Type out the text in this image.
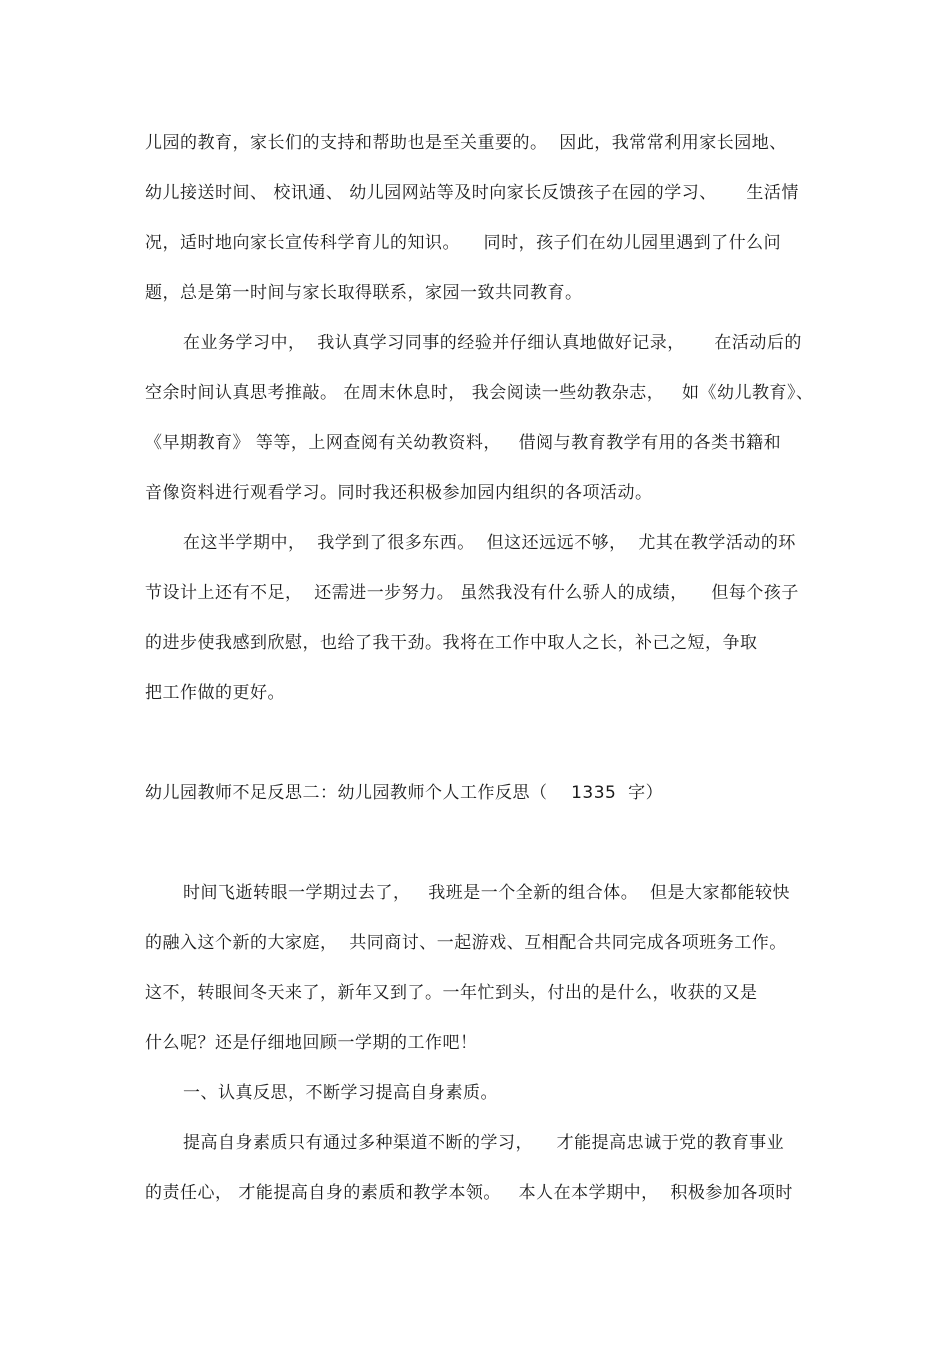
儿园的教育，家长们的支持和帮助也是至关重要的。  因此，我常常利用家长园地、
幼儿接送时间、 校讯通、 幼儿园网站等及时向家长反馈孩子在园的学习、     生活情
况，适时地向家长宣传科学育儿的知识。    同时，孩子们在幼儿园里遇到了什么问
题，总是第一时间与家长取得联系，家园一致共同教育。
在业务学习中，  我认真学习同事的经验并仔细认真地做好记录，     在活动后的
空余时间认真思考推敲。 在周末休息时， 我会阅读一些幼教杂志，   如《幼儿教育》、
《早期教育》 等等，上网查阅有关幼教资料，   借阅与教育教学有用的各类书籍和
音像资料进行观看学习。同时我还积极参加园内组织的各项活动。
在这半学期中，  我学到了很多东西。  但这还远远不够，  尤其在教学活动的环
节设计上还有不足，  还需进一步努力。 虽然我没有什么骄人的成绩，    但每个孩子
的进步使我感到欣慰，也给了我干劲。我将在工作中取人之长，补己之短，争取
把工作做的更好。
幼儿园教师不足反思二：幼儿园教师个人工作反思（    1335  字）
时间飞逝转眼一学期过去了，   我班是一个全新的组合体。  但是大家都能较快
的融入这个新的大家庭，  共同商讨、一起游戏、互相配合共同完成各项班务工作。
这不，转眼间冬天来了，新年又到了。一年忙到头，付出的是什么，收获的又是
什么呢？还是仔细地回顾一学期的工作吧！
一、认真反思，不断学习提高自身素质。
提高自身素质只有通过多种渠道不断的学习，    才能提高忠诚于党的教育事业
的责任心， 才能提高自身的素质和教学本领。   本人在本学期中，  积极参加各项时
